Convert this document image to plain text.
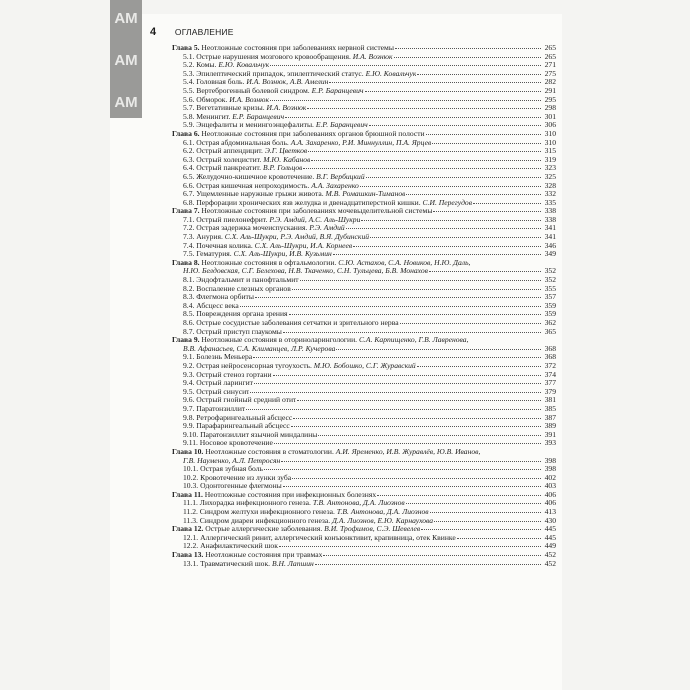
AM
AM
AM
4 ОГЛАВЛЕНИЕ
Глава 5. Неотложные состояния при заболеваниях нервной системы	265
5.1. Острые нарушения мозгового кровообращения. И.А. Вознюк	265
5.2. Комы. Е.Ю. Ковальчук	271
5.3. Эпилептический припадок, эпилептический статус. Е.Ю. Ковальчук	275
5.4. Головная боль. И.А. Вознюк, А.В. Амелин	282
5.5. Вертеброгенный болевой синдром. Е.Р. Баранцевич	291
5.6. Обморок. И.А. Вознюк	295
5.7. Вегетативные кризы. И.А. Вознюк	298
5.8. Менингит. Е.Р. Баранцевич	301
5.9. Энцефалиты и менингоэнцефалиты. Е.Р. Баранцевич	306
Глава 6. Неотложные состояния при заболеваниях органов брюшной полости	310
6.1. Острая абдоминальная боль. А.А. Захаренко, Р.И. Миннуллин, П.А. Ярцев	310
6.2. Острый аппендицит. Э.Г. Цветков	315
6.3. Острый холецистит. М.Ю. Кабанов	319
6.4. Острый панкреатит. В.Р. Гольцов	323
6.5. Желудочно-кишечное кровотечение. В.Г. Вербицкий	325
6.6. Острая кишечная непроходимость. А.А. Захаренко	328
6.7. Ущемленные наружные грыжи живота. М.В. Ромашкин-Тиманов	332
6.8. Перфорации хронических язв желудка и двенадцатиперстной кишки. С.И. Перегудов	335
Глава 7. Неотложные состояния при заболеваниях мочевыделительной системы	338
7.1. Острый пиелонефрит. Р.Э. Амдий, А.С. Аль-Шукри	338
7.2. Острая задержка мочеиспускания. Р.Э. Амдий	341
7.3. Анурия. С.Х. Аль-Шукри, Р.Э. Амдий, В.Я. Дубинский	341
7.4. Почечная колика. С.Х. Аль-Шукри, И.А. Корнеев	346
7.5. Гематурия. С.Х. Аль-Шукри, И.В. Кузьмин	349
Глава 8. Неотложные состояния в офтальмологии. С.Ю. Астахов, С.А. Новиков, Н.Ю. Даль,
Н.Ю. Белдовская, С.Г. Белехова, Н.В. Ткаченко, С.Н. Тульцева, Б.В. Монахов	352
8.1. Эндофтальмит и панофтальмит	352
8.2. Воспаление слезных органов	355
8.3. Флегмона орбиты	357
8.4. Абсцесс века	359
8.5. Повреждения органа зрения	359
8.6. Острые сосудистые заболевания сетчатки и зрительного нерва	362
8.7. Острый приступ глаукомы	365
Глава 9. Неотложные состояния в оториноларингологии. С.А. Карпищенко, Г.В. Лавренова,
В.В. Афанасьев, С.А. Климанцев, Л.Р. Кучерова	368
9.1. Болезнь Меньера	368
9.2. Острая нейросенсорная тугоухость. М.Ю. Бобошко, С.Г. Журавский	372
9.3. Острый стеноз гортани	374
9.4. Острый ларингит	377
9.5. Острый синусит	379
9.6. Острый гнойный средний отит	381
9.7. Паратонзиллит	385
9.8. Ретрофарингеальный абсцесс	387
9.9. Парафарингеальный абсцесс	389
9.10. Паратонзиллит язычной миндалины	391
9.11. Носовое кровотечение	393
Глава 10. Неотложные состояния в стоматологии. А.И. Яременко, И.В. Журавлёв, Ю.В. Иванов,
Г.В. Науменко, А.Л. Петросян	398
10.1. Острая зубная боль	398
10.2. Кровотечение из лунки зуба	402
10.3. Одонтогенные флегмоны	403
Глава 11. Неотложные состояния при инфекционных болезнях	406
11.1. Лихорадка инфекционного генеза. Т.В. Антонова, Д.А. Лиознов	406
11.2. Синдром желтухи инфекционного генеза. Т.В. Антонова, Д.А. Лиознов	413
11.3. Синдром диареи инфекционного генеза. Д.А. Лиознов, Е.Ю. Карнаухова	430
Глава 12. Острые аллергические заболевания. В.И. Трофимов, С.Э. Шевелев	445
12.1. Аллергический ринит, аллергический конъюнктивит, крапивница, отек Квинке	445
12.2. Анафилактический шок	449
Глава 13. Неотложные состояния при травмах	452
13.1. Травматический шок. В.Н. Лапшин	452
